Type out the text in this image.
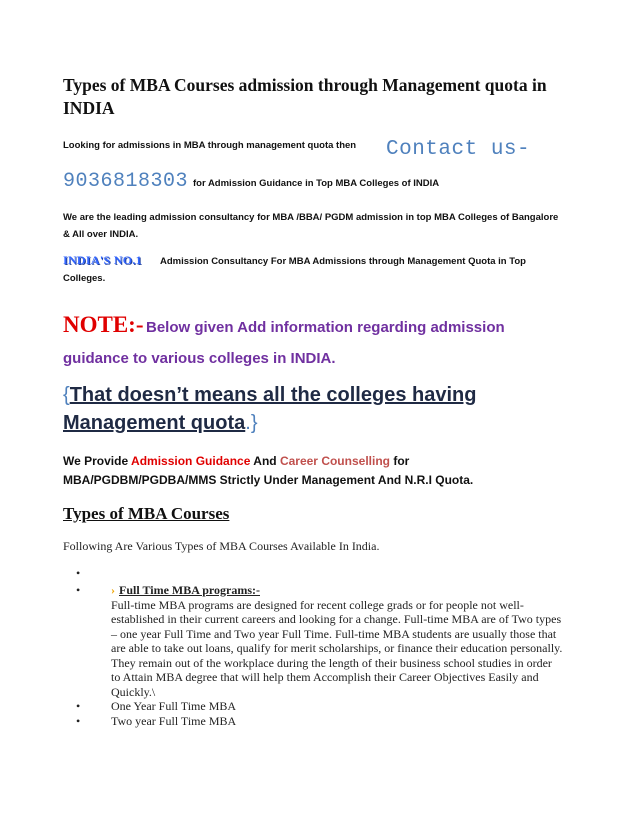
Types of MBA Courses admission through Management quota in INDIA
Looking for admissions in MBA through management quota then Contact us-
9036818303 for Admission Guidance in Top MBA Colleges of INDIA
We are the leading admission consultancy for MBA /BBA/ PGDM admission in top MBA Colleges of Bangalore & All over INDIA.
INDIA'S NO.1 Admission Consultancy For MBA Admissions through Management Quota in Top
Colleges.
NOTE:- Below given Add information regarding admission
guidance to various colleges in INDIA.
{That doesn’t means all the colleges having
Management quota.}
We Provide Admission Guidance And Career Counselling for
MBA/PGDBM/PGDBA/MMS Strictly Under Management And N.R.I Quota.
Types of MBA Courses
Following Are Various Types of MBA Courses Available In India.
•
•	› Full Time MBA programs:-
Full-time MBA programs are designed for recent college grads or for people not well-established in their current careers and looking for a change. Full-time MBA are of Two types – one year Full Time and Two year Full Time. Full-time MBA students are usually those that are able to take out loans, qualify for merit scholarships, or finance their education personally. They remain out of the workplace during the length of their business school studies in order to Attain MBA degree that will help them Accomplish their Career Objectives Easily and Quickly.\
•	One Year Full Time MBA
•	Two year Full Time MBA
